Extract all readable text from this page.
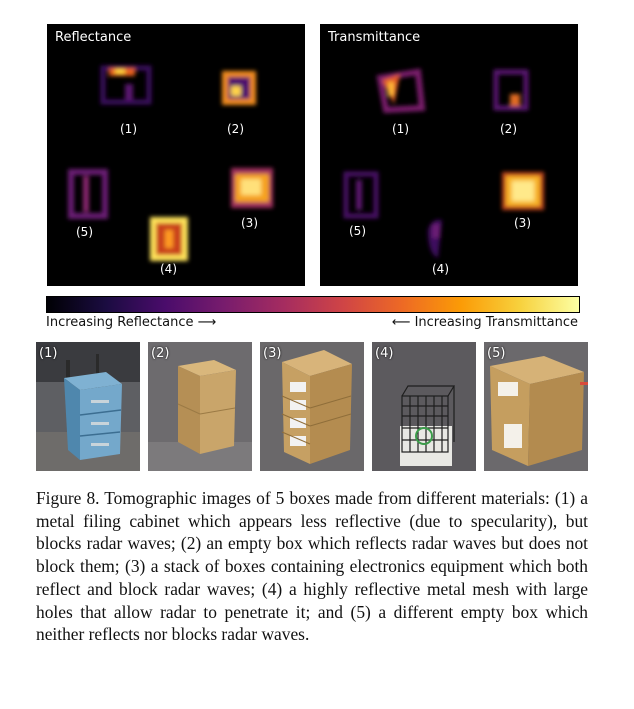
Reflectance
(1)	(2)
(5)
(3)
(4)
Transmittance
(1)	(2)
(5)
(3)
(4)
Increasing Reflectance ⟶	⟵ Increasing Transmittance
(1)	(2)	(3)	(4)	(5)

Figure 8. Tomographic images of 5 boxes made from different materials: (1) a metal filing cabinet which appears less reflective (due to specularity), but blocks radar waves; (2) an empty box which reflects radar waves but does not block them; (3) a stack of boxes containing electronics equipment which both reflect and block radar waves; (4) a highly reflective metal mesh with large holes that allow radar to penetrate it; and (5) a different empty box which neither reflects nor blocks radar waves.
